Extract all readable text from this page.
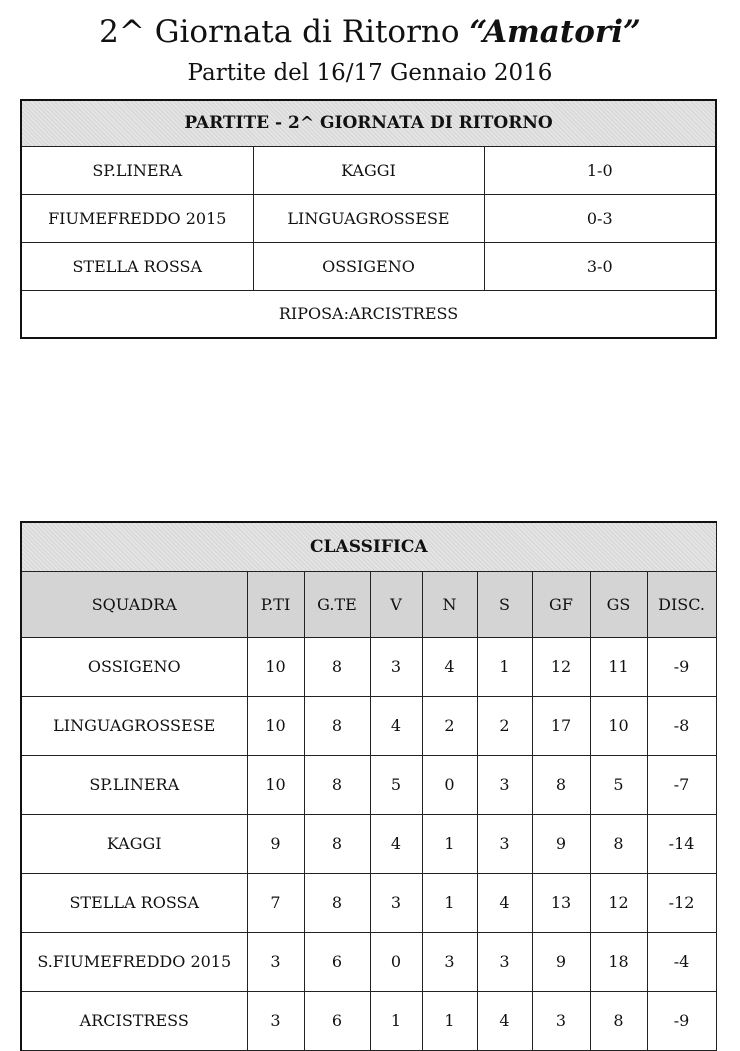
2^ Giornata di Ritorno “Amatori”
Partite del 16/17 Gennaio 2016
PARTITE - 2^ GIORNATA DI RITORNO		
SP.LINERA	KAGGI	1-0
FIUMEFREDDO 2015	LINGUAGROSSESE	0-3
STELLA ROSSA	OSSIGENO	3-0
RIPOSA:ARCISTRESS		
CLASSIFICA								
SQUADRA	P.TI	G.TE	V	N	S	GF	GS	DISC.
OSSIGENO	10	8	3	4	1	12	11	-9
LINGUAGROSSESE	10	8	4	2	2	17	10	-8
SP.LINERA	10	8	5	0	3	8	5	-7
KAGGI	9	8	4	1	3	9	8	-14
STELLA ROSSA	7	8	3	1	4	13	12	-12
S.FIUMEFREDDO 2015	3	6	0	3	3	9	18	-4
ARCISTRESS	3	6	1	1	4	3	8	-9
